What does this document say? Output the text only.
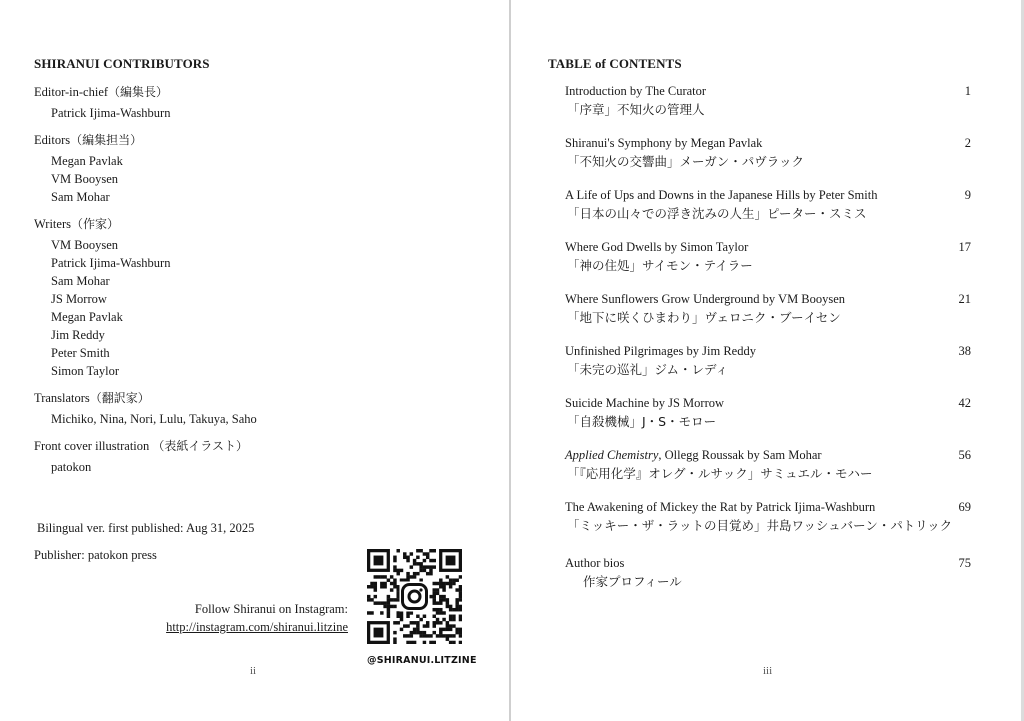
SHIRANUI CONTRIBUTORS
Editor-in-chief（編集長）
Patrick Ijima-Washburn
Editors（編集担当）
Megan Pavlak
VM Booysen
Sam Mohar
Writers（作家）
VM Booysen
Patrick Ijima-Washburn
Sam Mohar
JS Morrow
Megan Pavlak
Jim Reddy
Peter Smith
Simon Taylor
Translators（翻訳家）
Michiko, Nina, Nori, Lulu, Takuya, Saho
Front cover illustration （表紙イラスト）
patokon
Bilingual ver. first published: Aug 31, 2025
Publisher: patokon press
Follow Shiranui on Instagram:
http://instagram.com/shiranui.litzine
@SHIRANUI.LITZINE
ii
TABLE of CONTENTS
Introduction by The Curator
「序章」不知火の管理人
1
Shiranui's Symphony by Megan Pavlak
「不知火の交響曲」メーガン・パヴラック
2
A Life of Ups and Downs in the Japanese Hills by Peter Smith
「日本の山々での浮き沈みの人生」ピーター・スミス
9
Where God Dwells by Simon Taylor
「神の住処」サイモン・テイラー
17
Where Sunflowers Grow Underground by VM Booysen
「地下に咲くひまわり」ヴェロニク・ブーイセン
21
Unfinished Pilgrimages by Jim Reddy
「未完の巡礼」ジム・レディ
38
Suicide Machine by JS Morrow
「自殺機械」J・S・モロー
42
Applied Chemistry, Ollegg Roussak by Sam Mohar
「『応用化学』オレグ・ルサック」サミュエル・モハー
56
The Awakening of Mickey the Rat by Patrick Ijima-Washburn
「ミッキー・ザ・ラットの目覚め」井島ワッシュバーン・パトリック
69
Author bios
作家プロフィール
75
iii
